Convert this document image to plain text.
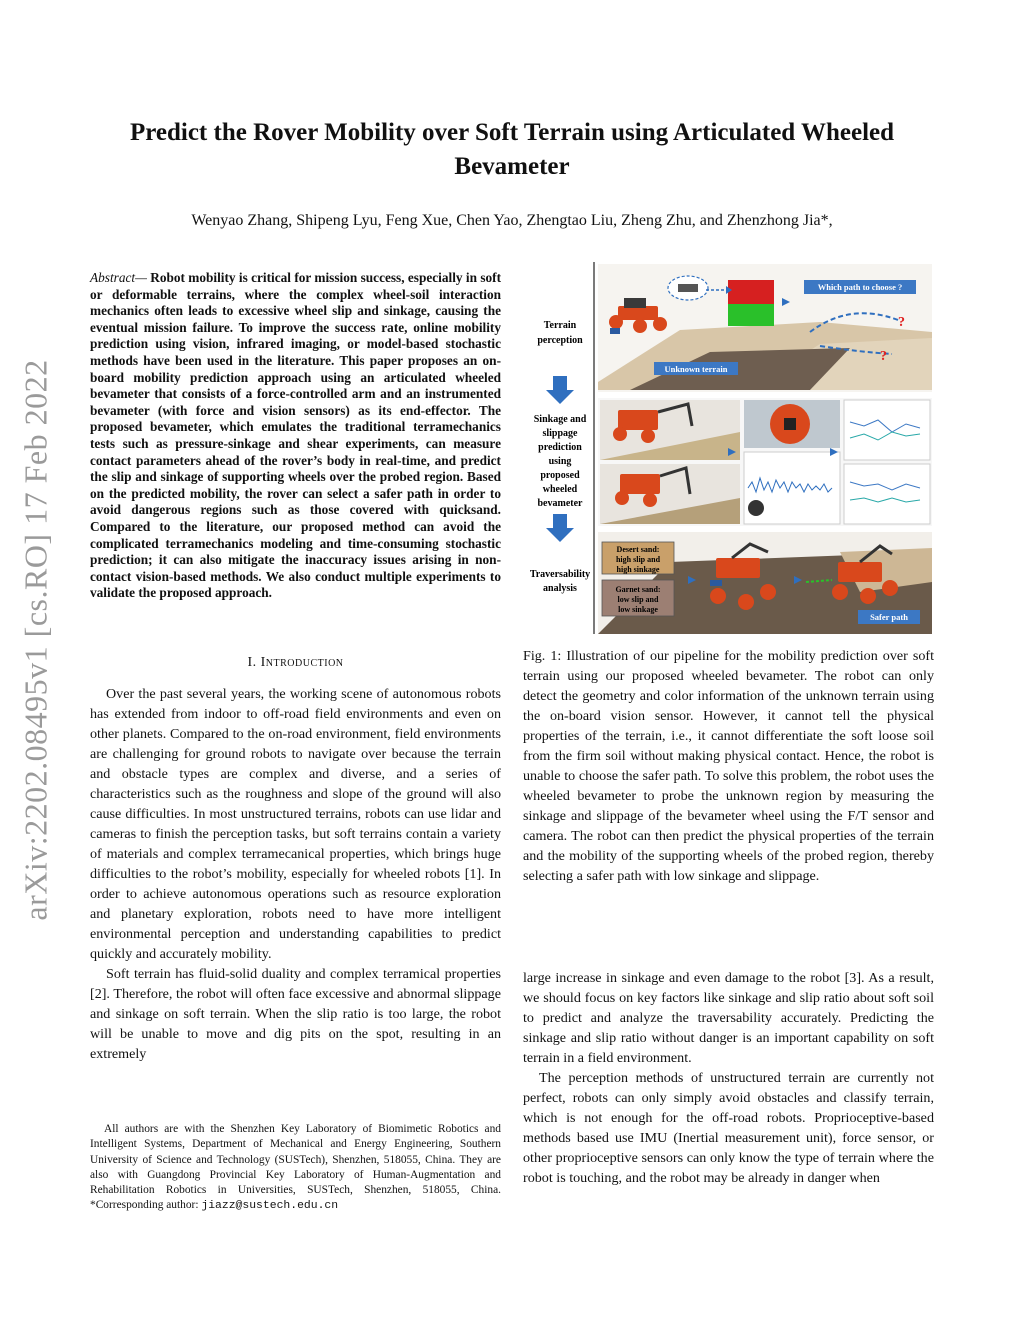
arXiv:2202.08495v1 [cs.RO] 17 Feb 2022
Predict the Rover Mobility over Soft Terrain using Articulated Wheeled Bevameter
Wenyao Zhang, Shipeng Lyu, Feng Xue, Chen Yao, Zhengtao Liu, Zheng Zhu, and Zhenzhong Jia*,
Abstract— Robot mobility is critical for mission success, especially in soft or deformable terrains, where the complex wheel-soil interaction mechanics often leads to excessive wheel slip and sinkage, causing the eventual mission failure. To improve the success rate, online mobility prediction using vision, infrared imaging, or model-based stochastic methods have been used in the literature. This paper proposes an on-board mobility prediction approach using an articulated wheeled bevameter that consists of a force-controlled arm and an instrumented bevameter (with force and vision sensors) as its end-effector. The proposed bevameter, which emulates the traditional terramechanics tests such as pressure-sinkage and shear experiments, can measure contact parameters ahead of the rover’s body in real-time, and predict the slip and sinkage of supporting wheels over the probed region. Based on the predicted mobility, the rover can select a safer path in order to avoid dangerous regions such as those covered with quicksand. Compared to the literature, our proposed method can avoid the complicated terramechanics modeling and time-consuming stochastic prediction; it can also mitigate the inaccuracy issues arising in non-contact vision-based methods. We also conduct multiple experiments to validate the proposed approach.
I. Introduction

Over the past several years, the working scene of autonomous robots has extended from indoor to off-road field environments and even on other planets. Compared to the on-road environment, field environments are challenging for ground robots to navigate over because the terrain and obstacle types are complex and diverse, and a series of characteristics such as the roughness and slope of the ground will also cause difficulties. In most unstructured terrains, robots can use lidar and cameras to finish the perception tasks, but soft terrains contain a variety of materials and complex terramecanical properties, which brings huge difficulties to the robot’s mobility, especially for wheeled robots [1]. In order to achieve autonomous operations such as resource exploration and planetary exploration, robots need to have more intelligent environmental perception and understanding capabilities to predict quickly and accurately mobility.

Soft terrain has fluid-solid duality and complex terramical properties [2]. Therefore, the robot will often face excessive and abnormal slippage and sinkage on soft terrain. When the slip ratio is too large, the robot will be unable to move and dig pits on the spot, resulting in an extremely

All authors are with the Shenzhen Key Laboratory of Biomimetic Robotics and Intelligent Systems, Department of Mechanical and Energy Engineering, Southern University of Science and Technology (SUSTech), Shenzhen, 518055, China. They are also with Guangdong Provincial Key Laboratory of Human-Augmentation and Rehabilitation Robotics in Universities, SUSTech, Shenzhen, 518055, China. *Corresponding author: jiazz@sustech.edu.cn
Terrain
perception
Sinkage and
slippage
prediction
using
proposed
wheeled
bevameter
Traversability
analysis
Which path to choose ?
?
?
Unknown terrain
Desert sand:
high slip and
high sinkage
Garnet sand:
low slip and
low sinkage
Safer path
Fig. 1: Illustration of our pipeline for the mobility prediction over soft terrain using our proposed wheeled bevameter. The robot can only detect the geometry and color information of the unknown terrain using the on-board vision sensor. However, it cannot tell the physical properties of the terrain, i.e., it cannot differentiate the soft loose soil from the firm soil without making physical contact. Hence, the robot is unable to choose the safer path. To solve this problem, the robot uses the wheeled bevameter to probe the unknown region by measuring the sinkage and slippage of the bevameter wheel using the F/T sensor and camera. The robot can then predict the physical properties of the terrain and the mobility of the supporting wheels of the probed region, thereby selecting a safer path with low sinkage and slippage.

large increase in sinkage and even damage to the robot [3]. As a result, we should focus on key factors like sinkage and slip ratio about soft soil to predict and analyze the traversability accurately. Predicting the sinkage and slip ratio without danger is an important capability on soft terrain in a field environment.

The perception methods of unstructured terrain are currently not perfect, robots can only simply avoid obstacles and classify terrain, which is not enough for the off-road robots. Proprioceptive-based methods based use IMU (Inertial measurement unit), force sensor, or other proprioceptive sensors can only know the type of terrain where the robot is touching, and the robot may be already in danger when
